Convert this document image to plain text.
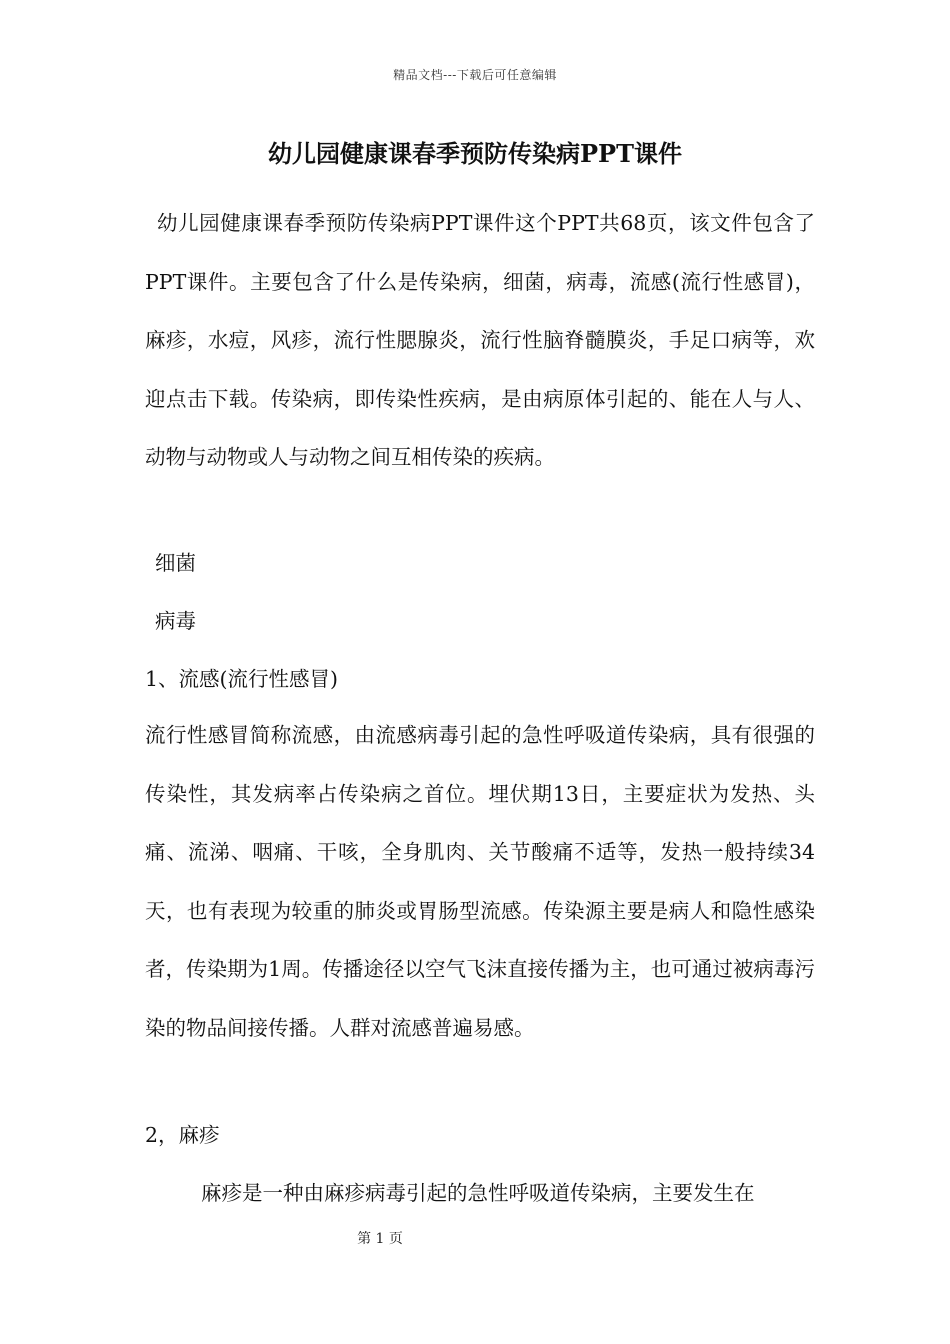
精品文档---下载后可任意编辑
幼儿园健康课春季预防传染病PPT课件

幼儿园健康课春季预防传染病PPT课件这个PPT共68页，该文件包含了PPT课件。主要包含了什么是传染病，细菌，病毒，流感(流行性感冒)，麻疹，水痘，风疹，流行性腮腺炎，流行性脑脊髓膜炎，手足口病等，欢迎点击下载。传染病，即传染性疾病，是由病原体引起的、能在人与人、动物与动物或人与动物之间互相传染的疾病。

细菌

病毒

1、流感(流行性感冒)

流行性感冒简称流感，由流感病毒引起的急性呼吸道传染病，具有很强的传染性，其发病率占传染病之首位。埋伏期13日，主要症状为发热、头痛、流涕、咽痛、干咳，全身肌肉、关节酸痛不适等，发热一般持续34天，也有表现为较重的肺炎或胃肠型流感。传染源主要是病人和隐性感染者，传染期为1周。传播途径以空气飞沫直接传播为主，也可通过被病毒污染的物品间接传播。人群对流感普遍易感。

2，麻疹

麻疹是一种由麻疹病毒引起的急性呼吸道传染病，主要发生在

第 1 页
